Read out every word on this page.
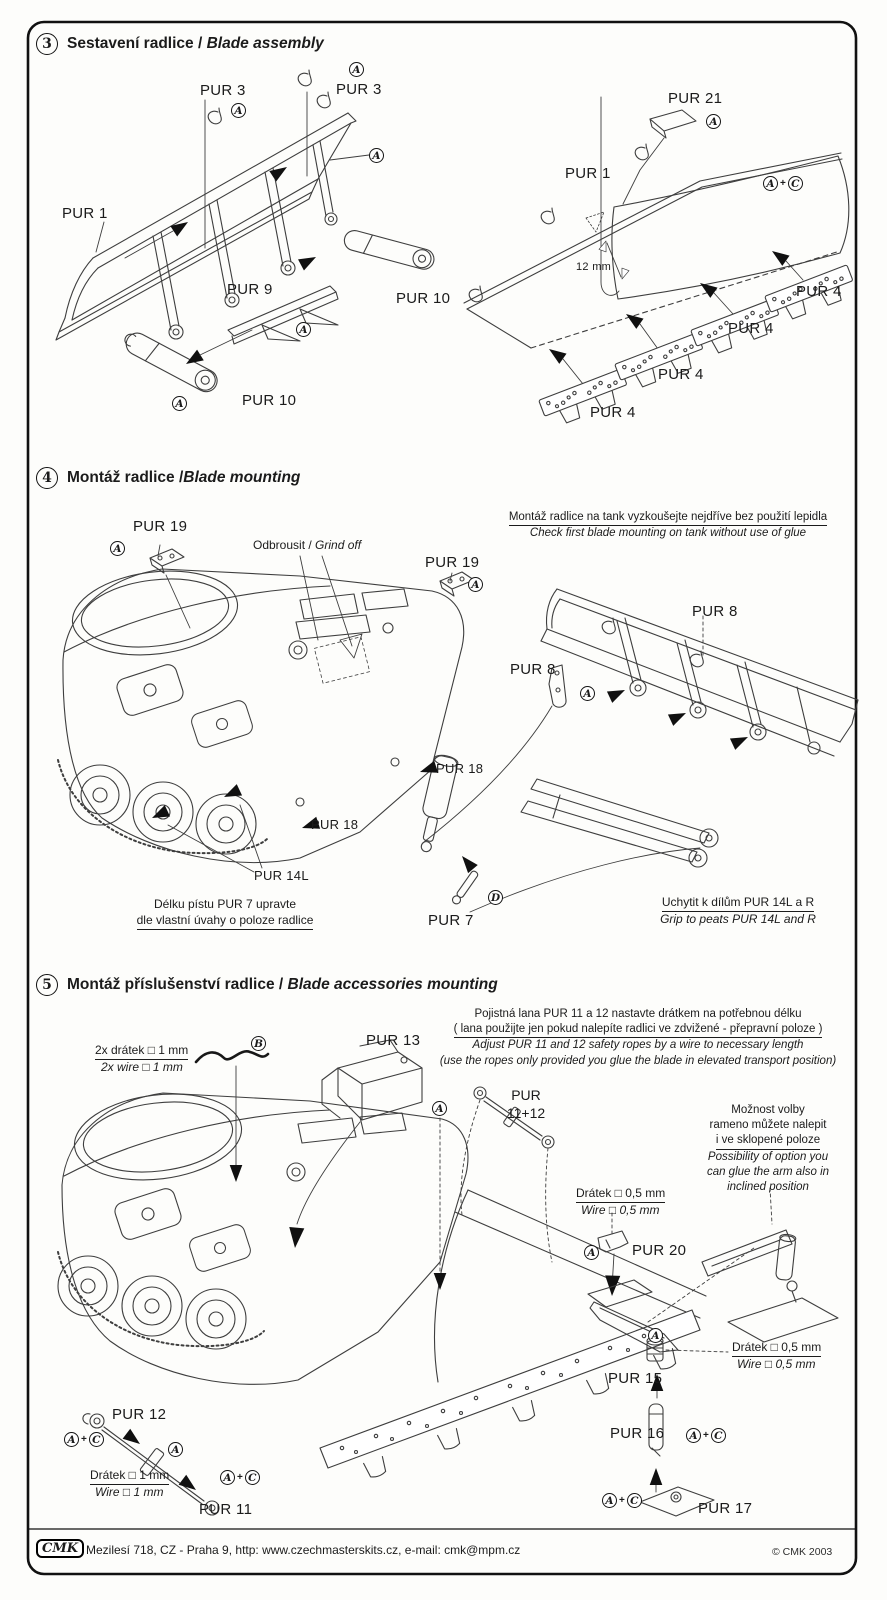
3 Sestavení radlice / Blade assembly
A
PUR 3
A
PUR 3
PUR 1
A
PUR 9
PUR 10
A
A	PUR 10
PUR 21
A
PUR 1
A + C
12 mm
PUR 4
PUR 4
PUR 4
PUR 4
4 Montáž radlice /Blade mounting
Montáž radlice na tank vyzkoušejte nejdříve bez použití lepidla
Check first blade mounting on tank without use of glue
PUR 19
A	Odbrousit / Grind off
PUR 19
A
PUR 8
PUR 8
A
PUR 18
PUR 18
PUR 14L
Délku pístu PUR 7 upravte
dle vlastní úvahy o poloze radlice	PUR 7
D	Uchytit k dílům PUR 14L a R
Grip to peats PUR 14L and R
5 Montáž příslušenství radlice / Blade accessories mounting
Pojistná lana PUR 11 a 12 nastavte drátkem na potřebnou délku
( lana použijte jen pokud nalepíte radlici ve zdvižené - přepravní poloze )
Adjust PUR 11 and 12 safety ropes by a wire to necessary length
(use the ropes only provided you glue the blade in elevated transport position)
2x drátek □ 1 mm
2x wire □ 1 mm
B	PUR 13
A
PUR
11+12	Možnost volby
rameno můžete nalepit
i ve sklopené poloze
Possibility of option you
can glue the arm also in
inclined position
Drátek □ 0,5 mm
Wire □ 0,5 mm
A PUR 20
Drátek □ 0,5 mm
Wire □ 0,5 mm
A
PUR 15
PUR 16	A + C
A + C	PUR 17
PUR 12
A + C
A
Drátek □ 1 mm
Wire □ 1 mm
A + C
PUR 11
CMK Mezilesí 718, CZ - Praha 9, http: www.czechmasterskits.cz, e-mail: cmk@mpm.cz	© CMK 2003
